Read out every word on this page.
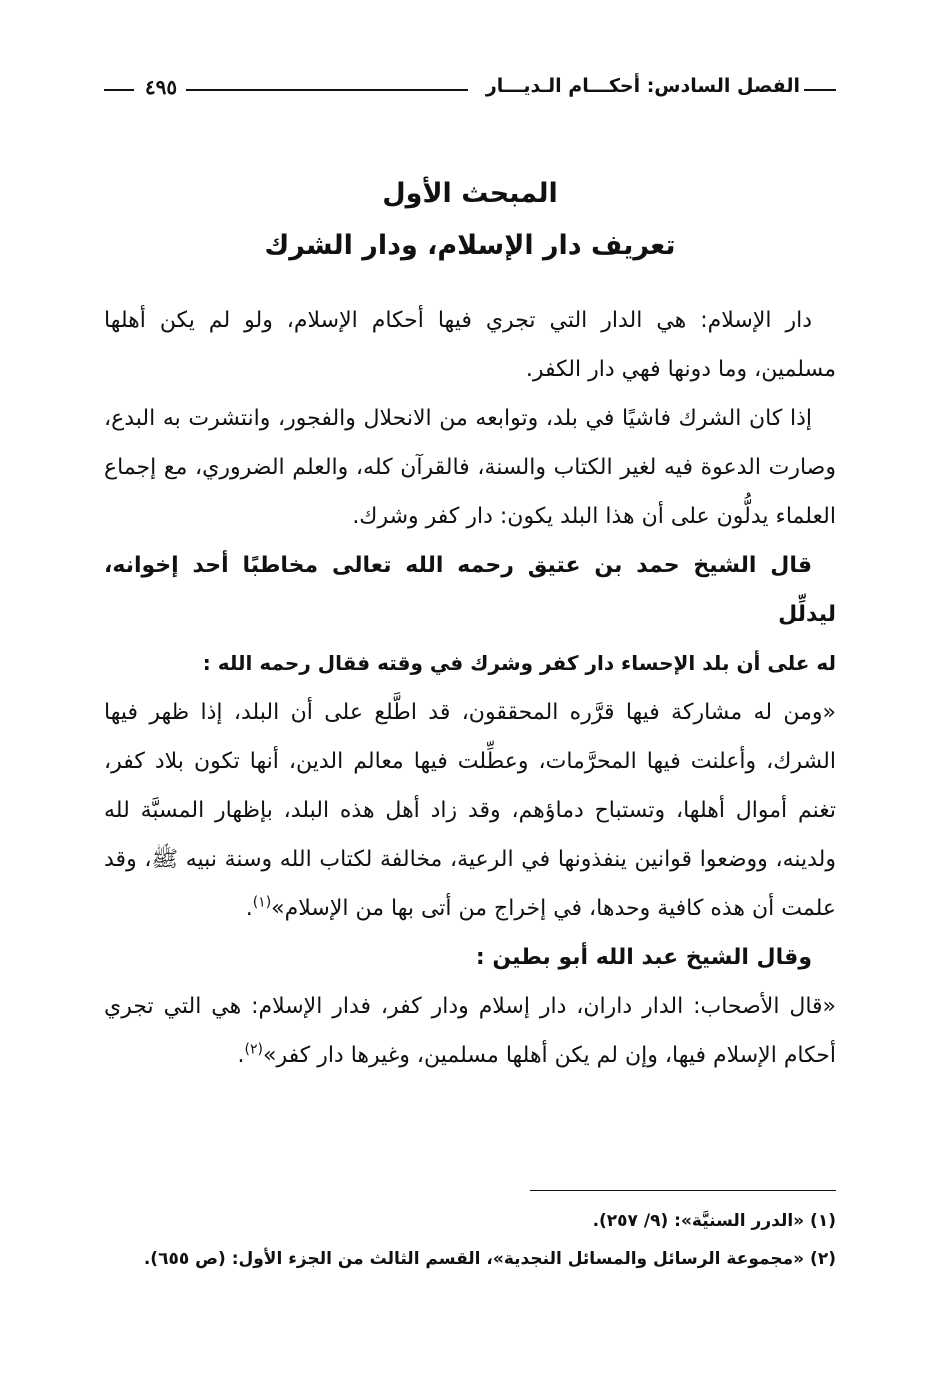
٤٩٥	الفصل السادس: أحكـــام الـديـــار
المبحث الأول
تعريف دار الإسلام، ودار الشرك

دار الإسلام: هي الدار التي تجري فيها أحكام الإسلام، ولو لم يكن أهلها مسلمين، وما دونها فهي دار الكفر.

إذا كان الشرك فاشيًا في بلد، وتوابعه من الانحلال والفجور، وانتشرت به البدع، وصارت الدعوة فيه لغير الكتاب والسنة، فالقرآن كله، والعلم الضروري، مع إجماع العلماء يدلُّون على أن هذا البلد يكون: دار كفر وشرك.

قال الشيخ حمد بن عتيق رحمه الله تعالى مخاطبًا أحد إخوانه، ليدلِّل

له على أن بلد الإحساء دار كفر وشرك في وقته فقال رحمه الله :

«ومن له مشاركة فيها قرَّره المحققون، قد اطَّلع على أن البلد، إذا ظهر فيها الشرك، وأعلنت فيها المحرَّمات، وعطِّلت فيها معالم الدين، أنها تكون بلاد كفر، تغنم أموال أهلها، وتستباح دماؤهم، وقد زاد أهل هذه البلد، بإظهار المسبَّة لله ولدينه، ووضعوا قوانين ينفذونها في الرعية، مخالفة لكتاب الله وسنة نبيه ﷺ، وقد علمت أن هذه كافية وحدها، في إخراج من أتى بها من الإسلام»$^{(١)}$.

وقال الشيخ عبد الله أبو بطين :

«قال الأصحاب: الدار داران، دار إسلام ودار كفر، فدار الإسلام: هي التي تجري أحكام الإسلام فيها، وإن لم يكن أهلها مسلمين، وغيرها دار كفر»$^{(٢)}$.

(١) «الدرر السنيَّة»: (٩/ ٢٥٧).
(٢) «مجموعة الرسائل والمسائل النجدية»، القسم الثالث من الجزء الأول: (ص ٦٥٥).
